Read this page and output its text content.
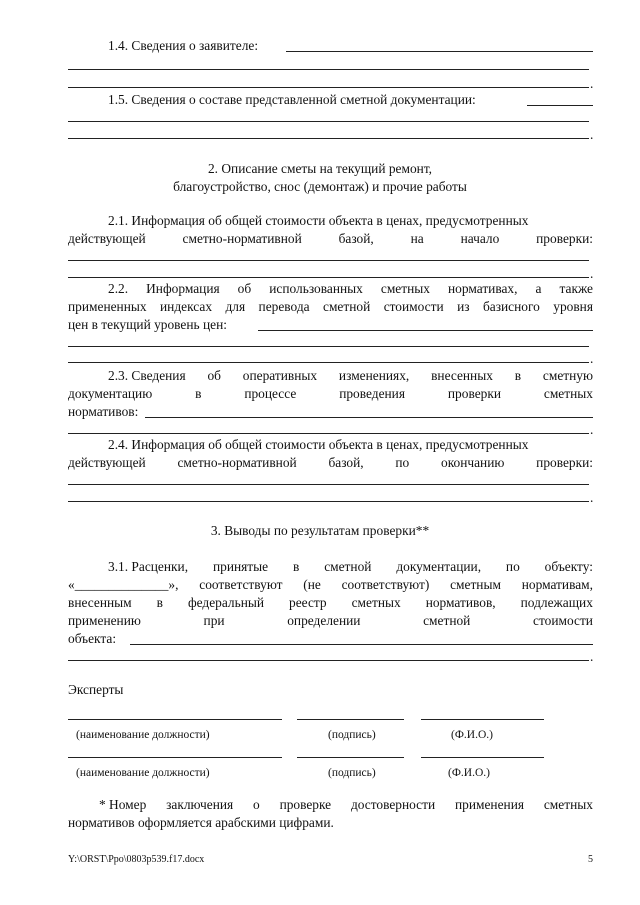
1.4. Сведения о заявителе:
.
1.5. Сведения о составе представленной сметной документации:
.
2. Описание сметы на текущий ремонт,
благоустройство, снос (демонтаж) и прочие работы
2.1. Информация об общей стоимости объекта в ценах, предусмотренных
действующей	сметно-нормативной	базой,	на	начало	проверки:
.
2.2. Информация об использованных сметных нормативах, а также
примененных индексах для перевода сметной стоимости из базисного уровня
цен в текущий уровень цен:
.
2.3. Сведения об оперативных изменениях, внесенных в сметную
документацию	в	процессе	проведения	проверки	сметных
нормативов:
.
2.4. Информация об общей стоимости объекта в ценах, предусмотренных
действующей сметно-нормативной базой, по окончанию проверки:
.
3. Выводы по результатам проверки**
3.1. Расценки, принятые в сметной документации, по объекту:
«______________», соответствуют (не соответствуют) сметным нормативам,
внесенным в федеральный реестр сметных нормативов, подлежащих
применению	при	определении	сметной	стоимости
объекта:
.
Эксперты
(наименование должности)	(подпись)	(Ф.И.О.)
(наименование должности)	(подпись)	(Ф.И.О.)
* Номер заключения о проверке достоверности применения сметных
нормативов оформляется арабскими цифрами.
Y:\ORST\Ppo\0803p539.f17.docx	5
